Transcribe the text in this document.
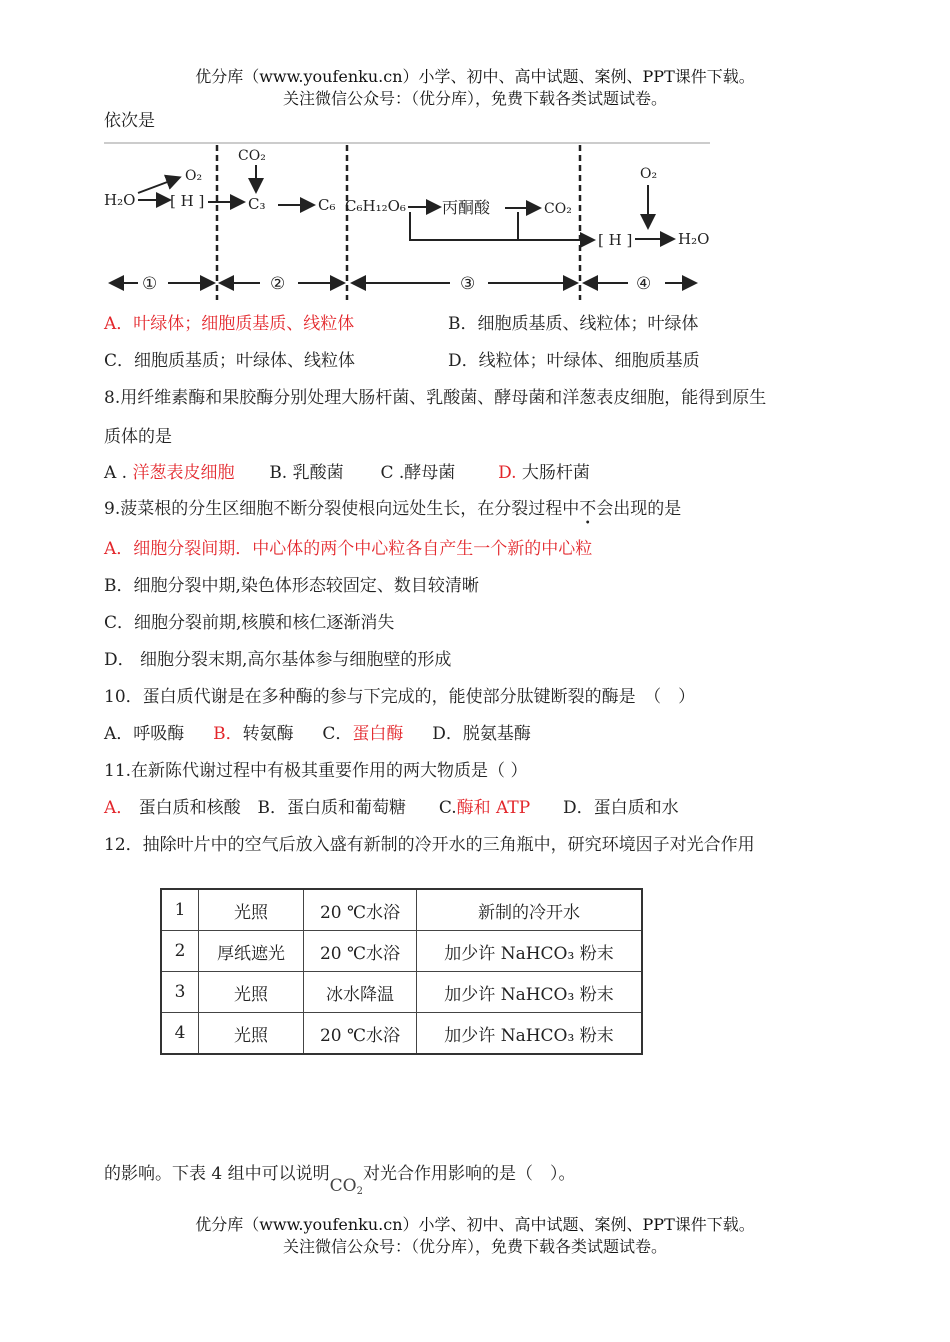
优分库（www.youfenku.cn）小学、初中、高中试题、案例、PPT课件下载。
关注微信公众号：（优分库），免费下载各类试题试卷。
依次是
H₂O
O₂
[ H ]
CO₂
C₃	C₆ C₆H₁₂O₆ 丙酮酸	CO₂
[ H ]
O₂
H₂O
①	②	③	④
A．叶绿体；细胞质基质、线粒体	B．细胞质基质、线粒体；叶绿体
C．细胞质基质；叶绿体、线粒体	D．线粒体；叶绿体、细胞质基质
8.用纤维素酶和果胶酶分别处理大肠杆菌、乳酸菌、酵母菌和洋葱表皮细胞，能得到原生
质体的是
A . 洋葱表皮细胞 B. 乳酸菌 C .酵母菌	D. 大肠杆菌
9.菠菜根的分生区细胞不断分裂使根向远处生长，在分裂过程中不会出现的是
A．细胞分裂间期．中心体的两个中心粒各自产生一个新的中心粒
B．细胞分裂中期,染色体形态较固定、数目较清晰
C．细胞分裂前期,核膜和核仁逐渐消失
D． 细胞分裂末期,高尔基体参与细胞壁的形成
10．蛋白质代谢是在多种酶的参与下完成的，能使部分肽键断裂的酶是　（　）
A．呼吸酶 B．转氨酶 C．蛋白酶 D．脱氨基酶
11.在新陈代谢过程中有极其重要作用的两大物质是（ ）
A． 蛋白质和核酸 B．蛋白质和葡萄糖 C.酶和 ATP D．蛋白质和水
12．抽除叶片中的空气后放入盛有新制的冷开水的三角瓶中，研究环境因子对光合作用
1	光照	20 ℃水浴	新制的冷开水
2	厚纸遮光	20 ℃水浴	加少许 NaHCO₃ 粉末
3	光照	冰水降温	加少许 NaHCO₃ 粉末
4	光照	20 ℃水浴	加少许 NaHCO₃ 粉末
的影响。下表 4 组中可以说明$CO_2$对光合作用影响的是（　）。
优分库（www.youfenku.cn）小学、初中、高中试题、案例、PPT课件下载。
关注微信公众号：（优分库），免费下载各类试题试卷。
